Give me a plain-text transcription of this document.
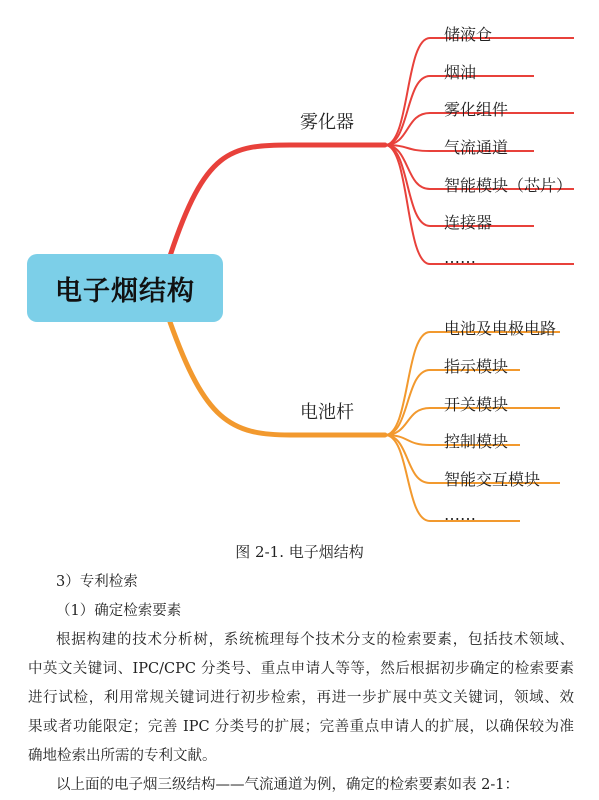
电子烟结构
雾化器
电池杆
储液仓
烟油
雾化组件
气流通道
智能模块（芯片）
连接器
……
电池及电极电路
指示模块
开关模块
控制模块
智能交互模块
……
图 2-1. 电子烟结构
3）专利检索
（1）确定检索要素
根据构建的技术分析树，系统梳理每个技术分支的检索要素，包括技术领域、
中英文关键词、IPC/CPC 分类号、重点申请人等等，然后根据初步确定的检索要素
进行试检，利用常规关键词进行初步检索，再进一步扩展中英文关键词，领域、效
果或者功能限定；完善 IPC 分类号的扩展；完善重点申请人的扩展，以确保较为准
确地检索出所需的专利文献。
以上面的电子烟三级结构——气流通道为例，确定的检索要素如表 2-1：
